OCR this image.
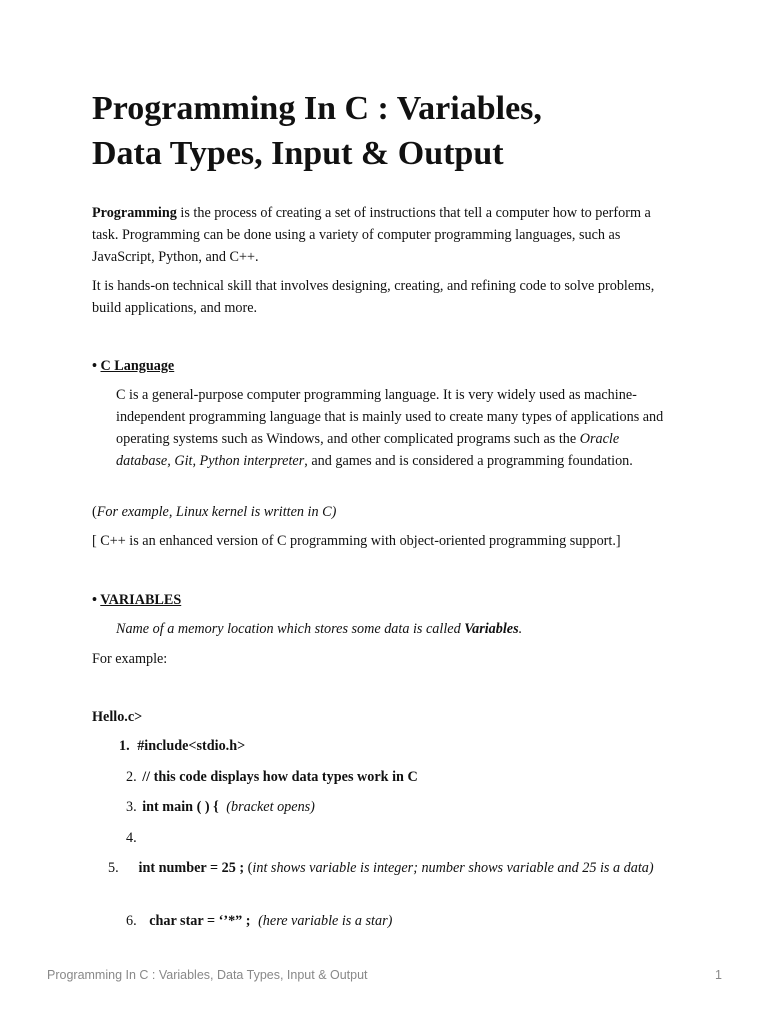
Programming In C : Variables,
Data Types, Input & Output
Programming is the process of creating a set of instructions that tell a computer how to perform a task. Programming can be done using a variety of computer programming languages, such as JavaScript, Python, and C++.
It is hands-on technical skill that involves designing, creating, and refining code to solve problems, build applications, and more.
• C Language
C is a general-purpose computer programming language. It is very widely used as machine-independent programming language that is mainly used to create many types of applications and operating systems such as Windows, and other complicated programs such as the Oracle database, Git, Python interpreter, and games and is considered a programming foundation.
(For example, Linux kernel is written in C)
[ C++ is an enhanced version of C programming with object-oriented programming support.]
• VARIABLES
Name of a memory location which stores some data is called Variables.
For example:
Hello.c>
1. #include<stdio.h>
2. // this code displays how data types work in C
3. int main ( ) { (bracket opens)
4.
5. int number = 25 ; (int shows variable is integer; number shows variable and 25 is a data)
6. char star = ‘’*” ; (here variable is a star)
Programming In C : Variables, Data Types, Input & Output	1
